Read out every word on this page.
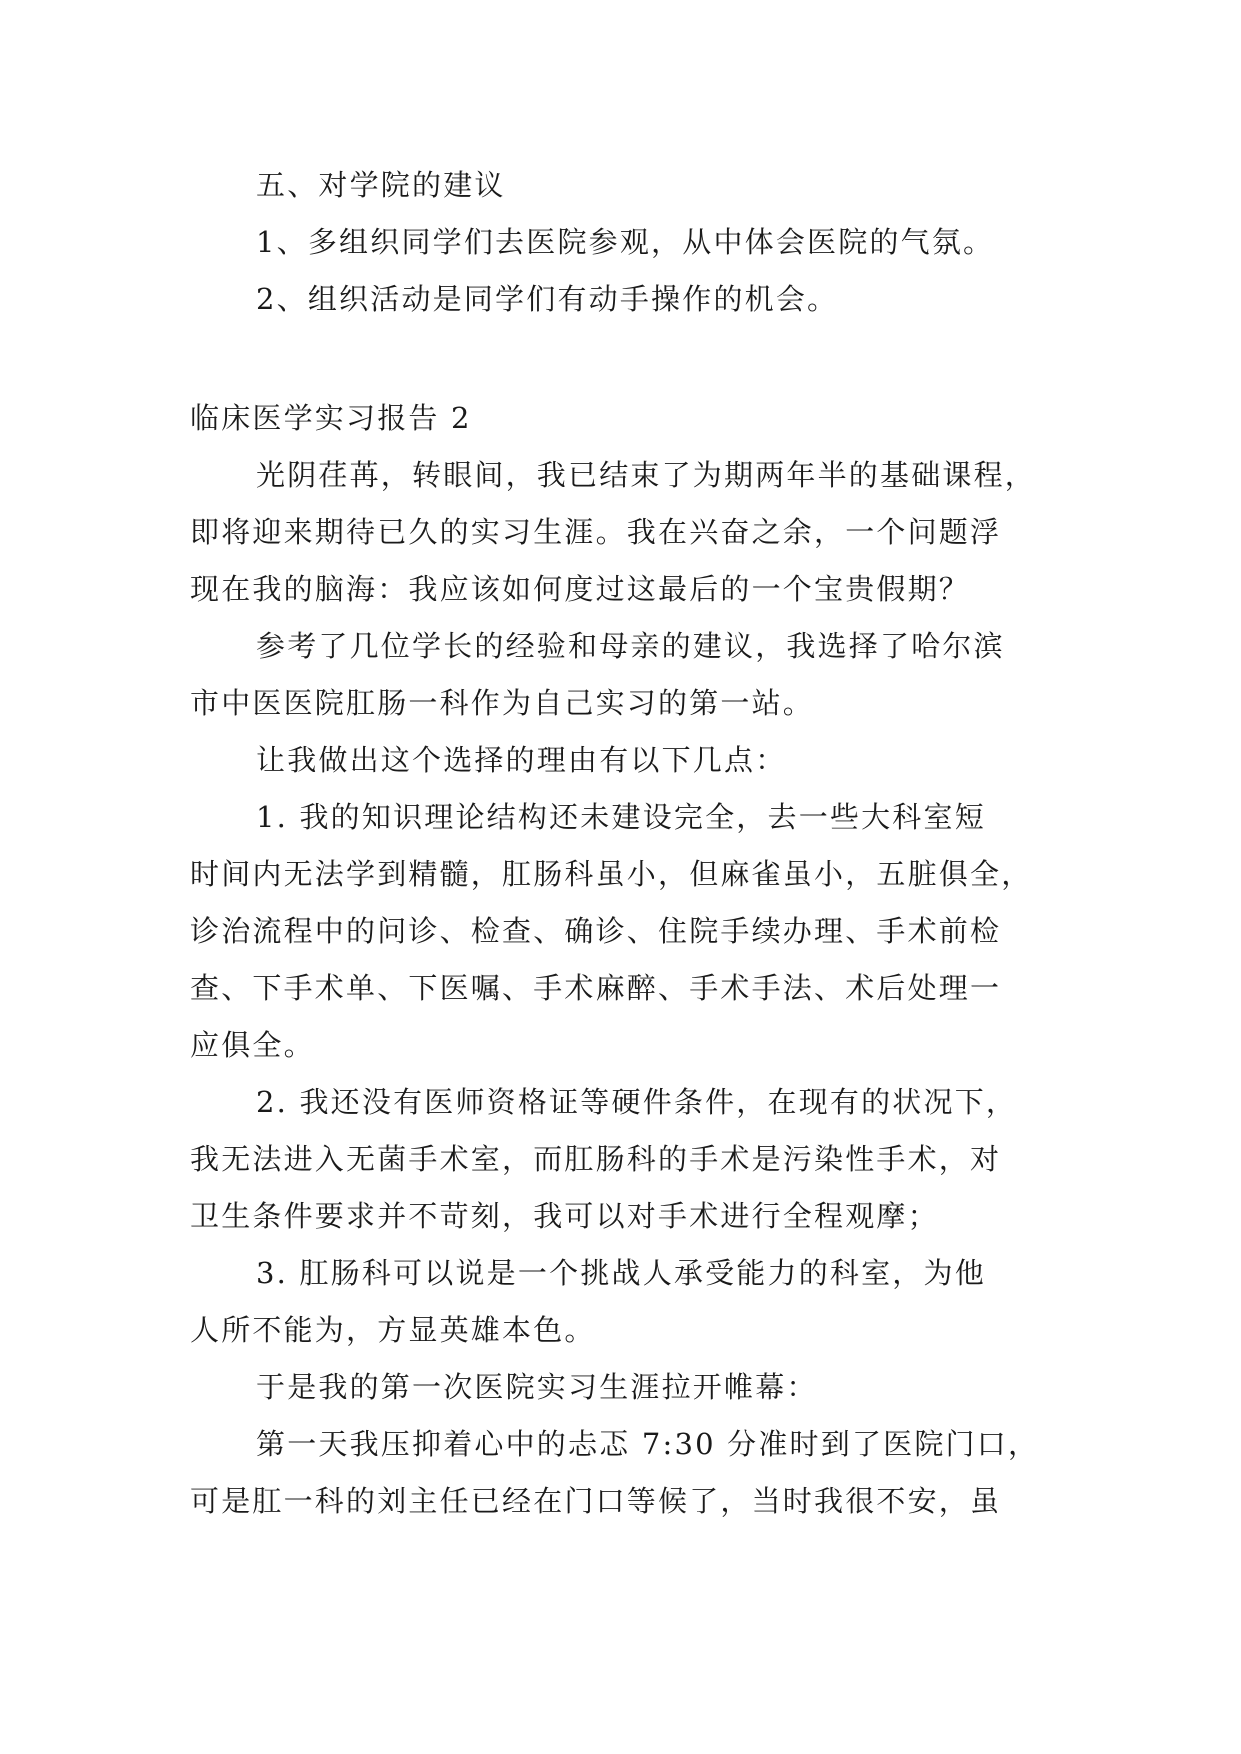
五、对学院的建议
1、多组织同学们去医院参观，从中体会医院的气氛。
2、组织活动是同学们有动手操作的机会。
临床医学实习报告 2
光阴荏苒，转眼间，我已结束了为期两年半的基础课程，
即将迎来期待已久的实习生涯。我在兴奋之余，一个问题浮
现在我的脑海：我应该如何度过这最后的一个宝贵假期？
参考了几位学长的经验和母亲的建议，我选择了哈尔滨
市中医医院肛肠一科作为自己实习的第一站。
让我做出这个选择的理由有以下几点：
1. 我的知识理论结构还未建设完全，去一些大科室短
时间内无法学到精髓，肛肠科虽小，但麻雀虽小，五脏俱全，
诊治流程中的问诊、检查、确诊、住院手续办理、手术前检
查、下手术单、下医嘱、手术麻醉、手术手法、术后处理一
应俱全。
2. 我还没有医师资格证等硬件条件，在现有的状况下，
我无法进入无菌手术室，而肛肠科的手术是污染性手术，对
卫生条件要求并不苛刻，我可以对手术进行全程观摩；
3. 肛肠科可以说是一个挑战人承受能力的科室，为他
人所不能为，方显英雄本色。
于是我的第一次医院实习生涯拉开帷幕：
第一天我压抑着心中的忐忑 7:30 分准时到了医院门口，
可是肛一科的刘主任已经在门口等候了，当时我很不安，虽
